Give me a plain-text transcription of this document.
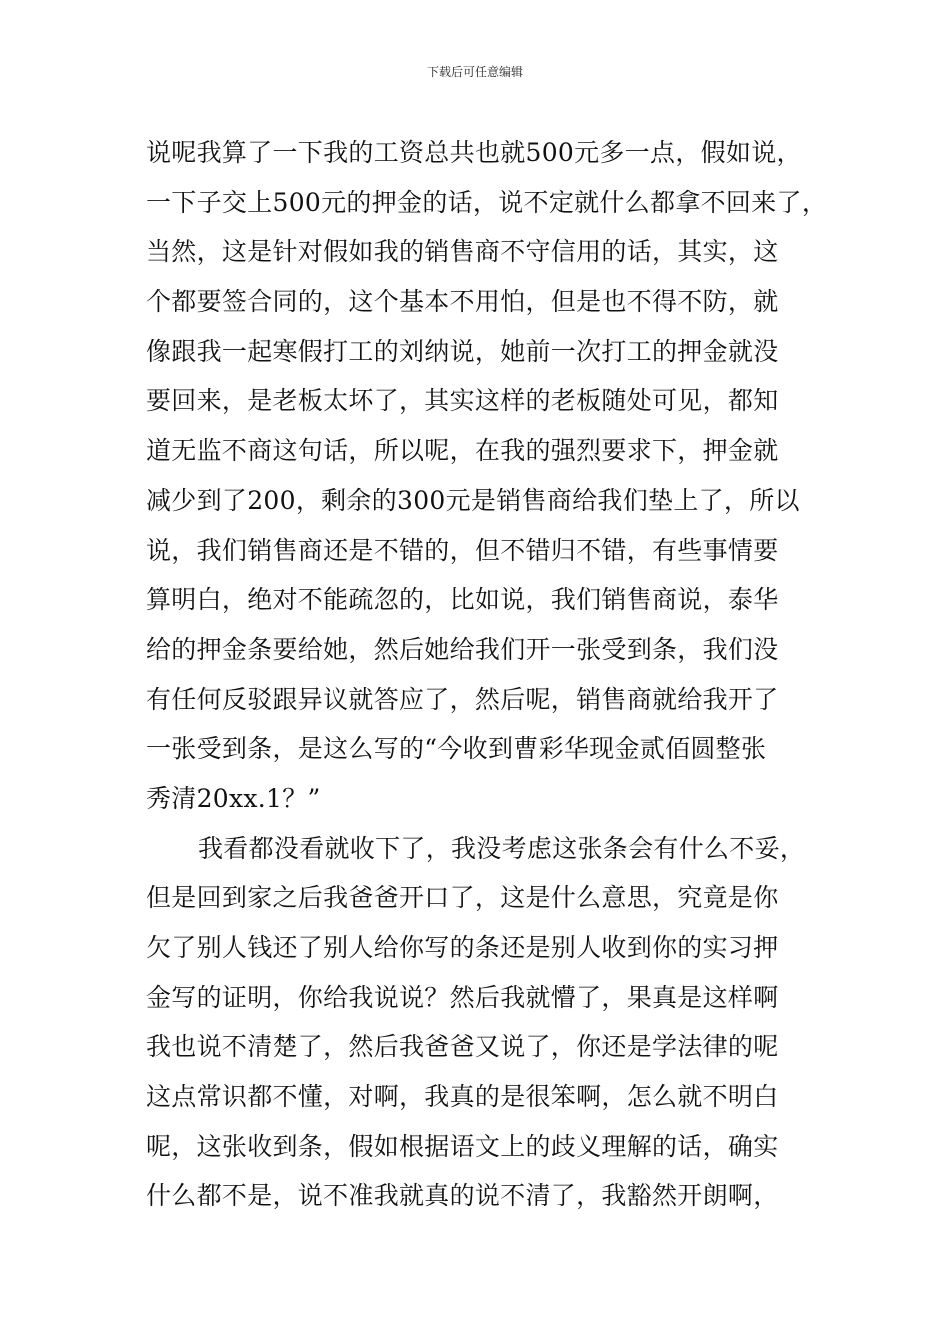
下载后可任意编辑
说呢我算了一下我的工资总共也就500元多一点，假如说，
一下子交上500元的押金的话，说不定就什么都拿不回来了，
当然，这是针对假如我的销售商不守信用的话，其实，这
个都要签合同的，这个基本不用怕，但是也不得不防，就
像跟我一起寒假打工的刘纳说，她前一次打工的押金就没
要回来，是老板太坏了，其实这样的老板随处可见，都知
道无监不商这句话，所以呢，在我的强烈要求下，押金就
减少到了200，剩余的300元是销售商给我们垫上了，所以
说，我们销售商还是不错的，但不错归不错，有些事情要
算明白，绝对不能疏忽的，比如说，我们销售商说，泰华
给的押金条要给她，然后她给我们开一张受到条，我们没
有任何反驳跟异议就答应了，然后呢，销售商就给我开了
一张受到条，是这么写的“今收到曹彩华现金贰佰圆整张
秀清20xx.1？”
我看都没看就收下了，我没考虑这张条会有什么不妥，
但是回到家之后我爸爸开口了，这是什么意思，究竟是你
欠了别人钱还了别人给你写的条还是别人收到你的实习押
金写的证明，你给我说说？然后我就懵了，果真是这样啊
我也说不清楚了，然后我爸爸又说了，你还是学法律的呢
这点常识都不懂，对啊，我真的是很笨啊，怎么就不明白
呢，这张收到条，假如根据语文上的歧义理解的话，确实
什么都不是，说不准我就真的说不清了，我豁然开朗啊，
